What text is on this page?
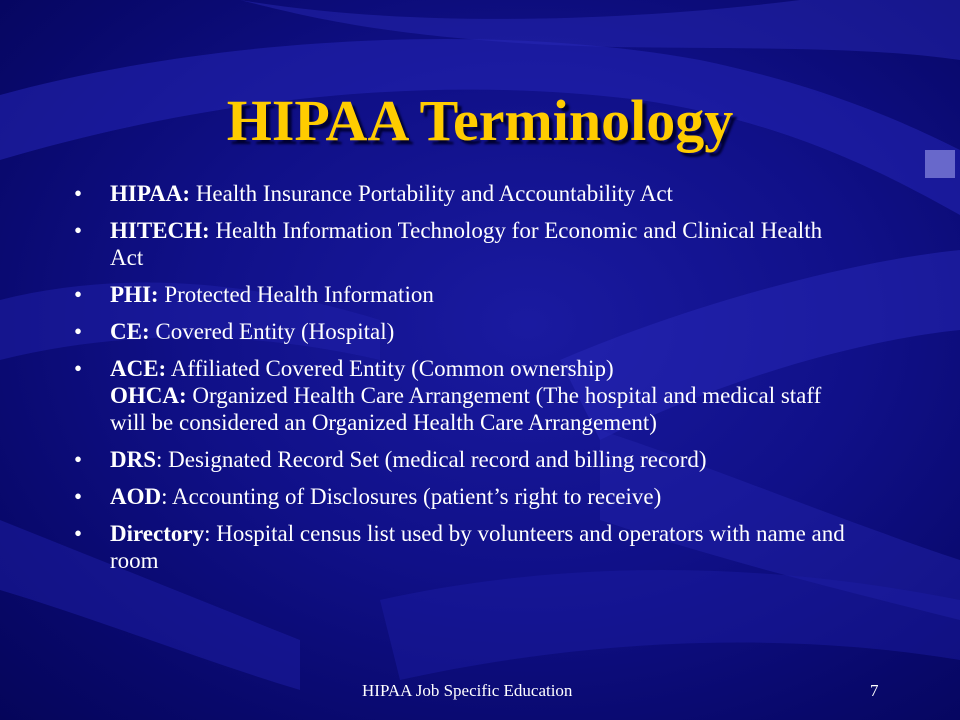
HIPAA Terminology
• HIPAA: Health Insurance Portability and Accountability Act
• HITECH: Health Information Technology for Economic and Clinical Health Act
• PHI: Protected Health Information
• CE: Covered Entity (Hospital)
• ACE: Affiliated Covered Entity (Common ownership)
OHCA: Organized Health Care Arrangement (The hospital and medical staff will be considered an Organized Health Care Arrangement)
• DRS: Designated Record Set (medical record and billing record)
• AOD: Accounting of Disclosures (patient’s right to receive)
• Directory: Hospital census list used by volunteers and operators with name and room
HIPAA Job Specific Education	7
